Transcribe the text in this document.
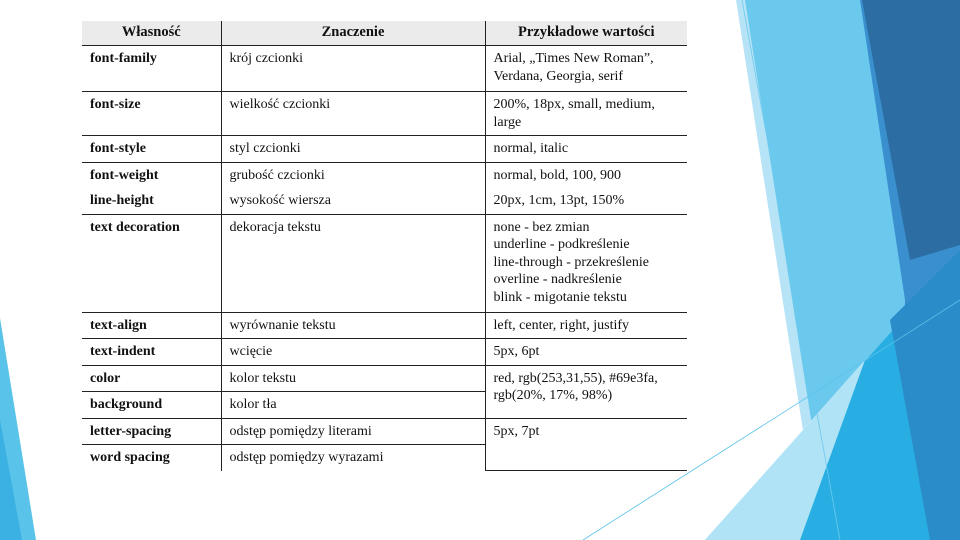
Własność	Znaczenie	Przykładowe wartości
font-family	krój czcionki	Arial, „Times New Roman”, Verdana, Georgia, serif
font-size	wielkość czcionki	200%, 18px, small, medium, large
font-style	styl czcionki	normal, italic
font-weight	grubość czcionki	normal, bold, 100, 900
line-height	wysokość wiersza	20px, 1cm, 13pt, 150%
text decoration	dekoracja tekstu	none - bez zmian
underline - podkreślenie
line-through - przekreślenie
overline - nadkreślenie
blink - migotanie tekstu

text-align	wyrównanie tekstu	left, center, right, justify
text-indent	wcięcie	5px, 6pt
color	kolor tekstu	red, rgb(253,31,55), #69e3fa, rgb(20%, 17%, 98%)
background	kolor tła	
letter-spacing	odstęp pomiędzy literami	5px, 7pt
word spacing	odstęp pomiędzy wyrazami	
